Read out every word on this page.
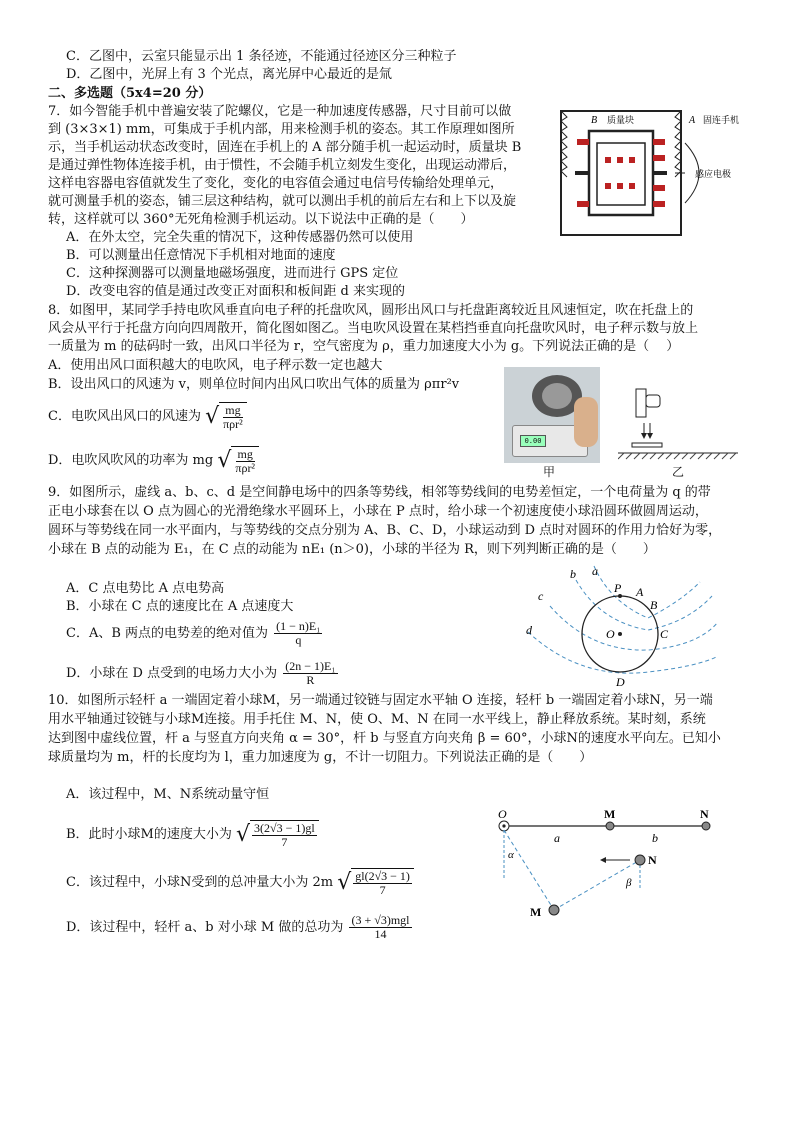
C．乙图中，云室只能显示出 1 条径迹，不能通过径迹区分三种粒子
D．乙图中，光屏上有 3 个光点，离光屏中心最近的是氚
二、多选题（5x4=20 分）
7．如今智能手机中普遍安装了陀螺仪，它是一种加速度传感器，尺寸目前可以做
到 (3×3×1) mm，可集成于手机内部，用来检测手机的姿态。其工作原理如图所
示，当手机运动状态改变时，固连在手机上的 A 部分随手机一起运动时，质量块 B
是通过弹性物体连接手机，由于惯性，不会随手机立刻发生变化，出现运动滞后，
这样电容器电容值就发生了变化，变化的电容值会通过电信号传输给处理单元，
就可测量手机的姿态，铺三层这种结构，就可以测出手机的前后左右和上下以及旋
转，这样就可以 360°无死角检测手机运动。以下说法中正确的是（　　）
A．在外太空，完全失重的情况下，这种传感器仍然可以使用
B．可以测量出任意情况下手机相对地面的速度
C．这种探测器可以测量地磁场强度，进而进行 GPS 定位
D．改变电容的值是通过改变正对面积和板间距 d 来实现的
B 质量块	A 固连手机
感应电极
8．如图甲，某同学手持电吹风垂直向电子秤的托盘吹风，圆形出风口与托盘距离较近且风速恒定，吹在托盘上的
风会从平行于托盘方向向四周散开，简化图如图乙。当电吹风设置在某档挡垂直向托盘吹风时，电子秤示数与放上
一质量为 m 的砝码时一致，出风口半径为 r，空气密度为 ρ，重力加速度大小为 g。下列说法正确的是（　 ）
A．使用出风口面积越大的电吹风，电子秤示数一定也越大
B．设出风口的风速为 v，则单位时间内出风口吹出气体的质量为 ρπr²v
C．电吹风出风口的风速为 √ $\frac{mg}{\text{πρr²}}$
D．电吹风吹风的功率为 mg √ $\frac{mg}{\text{πρr²}}$
0.00
甲	乙
9．如图所示，虚线 a、b、c、d 是空间静电场中的四条等势线，相邻等势线间的电势差恒定，一个电荷量为 q 的带
正电小球套在以 O 点为圆心的光滑绝缘水平圆环上，小球在 P 点时，给小球一个初速度使小球沿圆环做圆周运动，
圆环与等势线在同一水平面内，与等势线的交点分别为 A、B、C、D，小球运动到 D 点时对圆环的作用力恰好为零，
小球在 B 点的动能为 E₁，在 C 点的动能为 nE₁ (n＞0)，小球的半径为 R，则下列判断正确的是（　　）
A．C 点电势比 A 点电势高
B．小球在 C 点的速度比在 A 点速度大
C．A、B 两点的电势差的绝对值为 $\frac{\text{(1 − n)E₁}}{q}$
D．小球在 D 点受到的电场力大小为 $\frac{\text{(2n − 1)E₁}}{R}$
b a
c
d
P A
B
C
D
O
10．如图所示轻杆 a 一端固定着小球M，另一端通过铰链与固定水平轴 O 连接，轻杆 b 一端固定着小球N，另一端
用水平轴通过铰链与小球M连接。用手托住 M、N，使 O、M、N 在同一水平线上，静止释放系统。某时刻，系统
达到图中虚线位置，杆 a 与竖直方向夹角 α = 30°，杆 b 与竖直方向夹角 β = 60°，小球N的速度水平向左。已知小
球质量均为 m，杆的长度均为 l，重力加速度为 g，不计一切阻力。下列说法正确的是（　　）
A．该过程中，M、N系统动量守恒
B．此时小球M的速度大小为 √ $\frac{3(2√3 - 1)gl}{7}$
C．该过程中，小球N受到的总冲量大小为 2m √ $\frac{gl(2√3 - 1)}{7}$
D．该过程中，轻杆 a、b 对小球 M 做的总功为 $\frac{\text{(3 + √3)mgl}}{14}$
O	M	N
a	b
α
β
N
M
